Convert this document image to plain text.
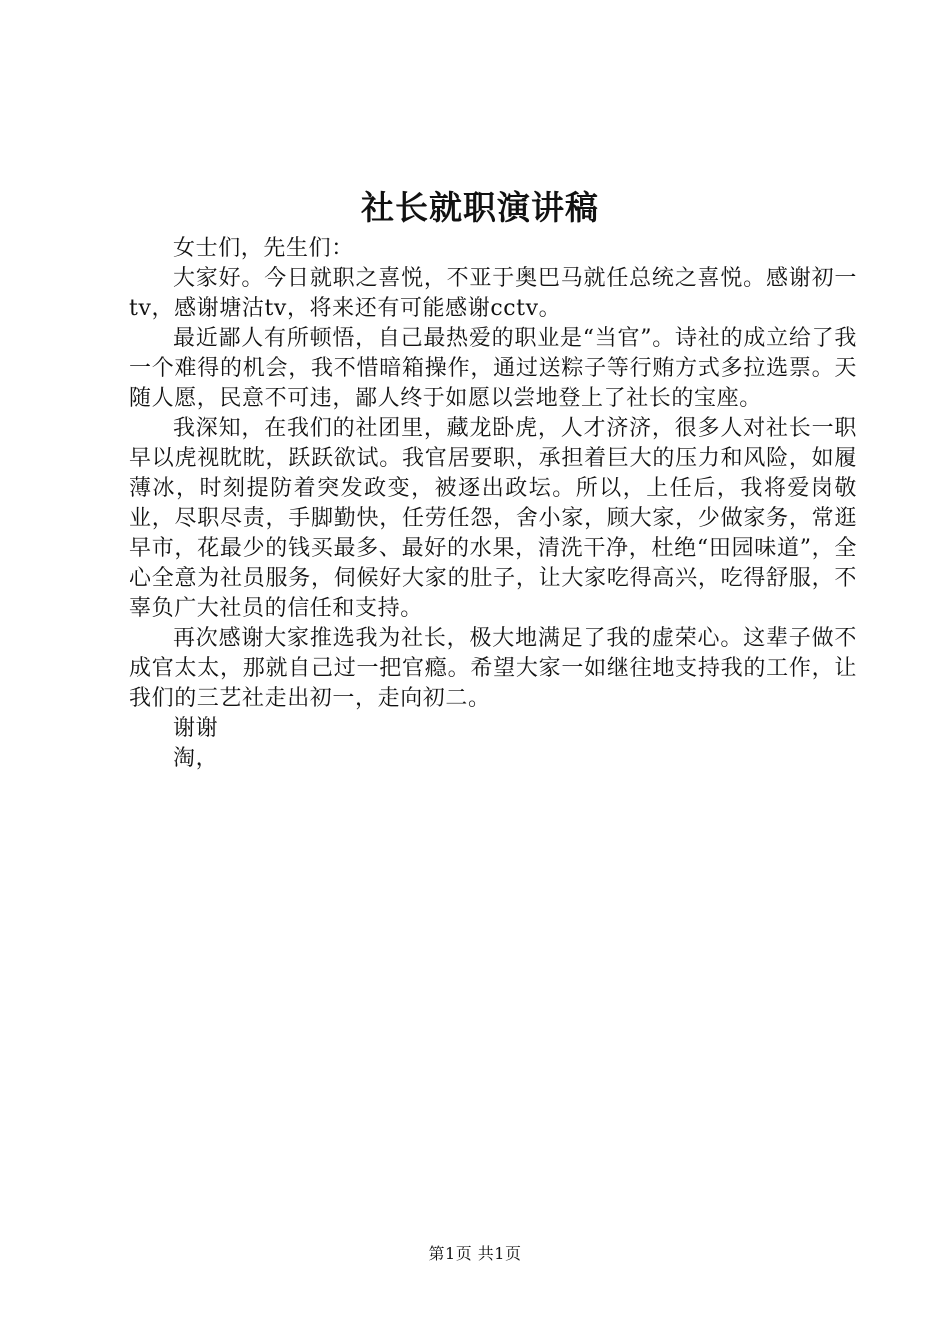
社长就职演讲稿

女士们，先生们：

大家好。今日就职之喜悦，不亚于奥巴马就任总统之喜悦。感谢初一tv，感谢塘沽tv，将来还有可能感谢cctv。

最近鄙人有所顿悟，自己最热爱的职业是“当官”。诗社的成立给了我一个难得的机会，我不惜暗箱操作，通过送粽子等行贿方式多拉选票。天随人愿，民意不可违，鄙人终于如愿以尝地登上了社长的宝座。

我深知，在我们的社团里，藏龙卧虎，人才济济，很多人对社长一职早以虎视眈眈，跃跃欲试。我官居要职，承担着巨大的压力和风险，如履薄冰，时刻提防着突发政变，被逐出政坛。所以，上任后，我将爱岗敬业，尽职尽责，手脚勤快，任劳任怨，舍小家，顾大家，少做家务，常逛早市，花最少的钱买最多、最好的水果，清洗干净，杜绝“田园味道”，全心全意为社员服务，伺候好大家的肚子，让大家吃得高兴，吃得舒服，不辜负广大社员的信任和支持。

再次感谢大家推选我为社长，极大地满足了我的虚荣心。这辈子做不成官太太，那就自己过一把官瘾。希望大家一如继往地支持我的工作，让我们的三艺社走出初一，走向初二。

谢谢

淘，

第1页 共1页
